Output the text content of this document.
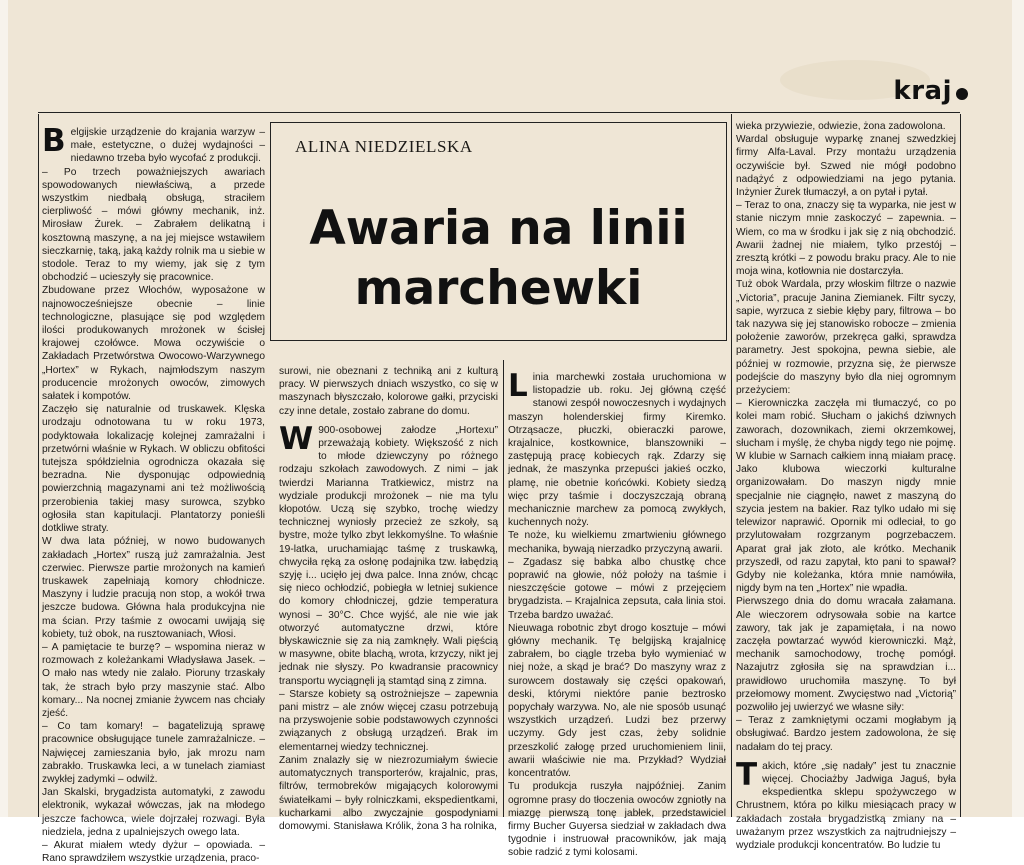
kraj
ALINA NIEDZIELSKA
Awaria na linii
marchewki

Belgijskie urządzenie do krajania warzyw – małe, estetyczne, o dużej wydajności – niedawno trzeba było wycofać z produkcji.

– Po trzech poważniejszych awariach spowodowanych niewłaściwą, a przede wszystkim niedbałą obsługą, straciłem cierpliwość – mówi główny mechanik, inż. Mirosław Żurek. – Zabrałem delikatną i kosztowną maszynę, a na jej miejsce wstawiłem sieczkarnię, taką, jaką każdy rolnik ma u siebie w stodole. Teraz to my wiemy, jak się z tym obchodzić – ucieszyły się pracownice.

Zbudowane przez Włochów, wyposażone w najnowocześniejsze obecnie – linie technologiczne, plasujące się pod względem ilości produkowanych mrożonek w ścisłej krajowej czołówce. Mowa oczywiście o Zakładach Przetwórstwa Owocowo-Warzywnego „Hortex” w Rykach, najmłodszym naszym producencie mrożonych owoców, zimowych sałatek i kompotów.

Zaczęło się naturalnie od truskawek. Klęska urodzaju odnotowana tu w roku 1973, podyktowała lokalizację kolejnej zamrażalni i przetwórni właśnie w Rykach. W obliczu obfitości tutejsza spółdzielnia ogrodnicza okazała się bezradna. Nie dysponując odpowiednią powierzchnią magazynami ani też możliwością przerobienia takiej masy surowca, szybko ogłosiła stan kapitulacji. Plantatorzy ponieśli dotkliwe straty.

W dwa lata później, w nowo budowanych zakładach „Hortex” ruszą już zamrażalnia. Jest czerwiec. Pierwsze partie mrożonych na kamień truskawek zapełniają komory chłodnicze. Maszyny i ludzie pracują non stop, a wokół trwa jeszcze budowa. Główna hala produkcyjna nie ma ścian. Przy taśmie z owocami uwijają się kobiety, tuż obok, na rusztowaniach, Włosi.

– A pamiętacie te burzę? – wspomina nieraz w rozmowach z koleżankami Władysława Jasek. – O mało nas wtedy nie zalało. Pioruny trzaskały tak, że strach było przy maszynie stać. Albo komary... Na nocnej zmianie żywcem nas chciały zjeść.

– Co tam komary! – bagatelizują sprawę pracownice obsługujące tunele zamrażalnicze. – Najwięcej zamieszania było, jak mrozu nam zabrakło. Truskawka leci, a w tunelach ziamiast zwykłej zadymki – odwilż.

Jan Skalski, brygadzista automatyki, z zawodu elektronik, wykazał wówczas, jak na młodego jeszcze fachowca, wiele dojrzałej rozwagi. Była niedziela, jedna z upalniejszych owego lata.

– Akurat miałem wtedy dyżur – opowiada. – Rano sprawdziłem wszystkie urządzenia, praco-

surowi, nie obeznani z techniką ani z kulturą pracy. W pierwszych dniach wszystko, co się w maszynach błyszczało, kolorowe gałki, przyciski czy inne detale, zostało zabrane do domu.

W 900-osobowej załodze „Hortexu” przeważają kobiety. Większość z nich to młode dziewczyny po różnego rodzaju szkołach zawodowych. Z nimi – jak twierdzi Marianna Tratkiewicz, mistrz na wydziale produkcji mrożonek – nie ma tylu kłopotów. Uczą się szybko, trochę wiedzy technicznej wyniosły przecież ze szkoły, są bystre, może tylko zbyt lekkomyślne. To właśnie 19-latka, uruchamiając taśmę z truskawką, chwyciła ręką za osłonę podajnika tzw. łabędzią szyję i... ucięło jej dwa palce. Inna znów, chcąc się nieco ochłodzić, pobiegła w letniej sukience do komory chłodniczej, gdzie temperatura wynosi – 30°C. Chce wyjść, ale nie wie jak otworzyć automatyczne drzwi, które błyskawicznie się za nią zamknęły. Wali pięścią w masywne, obite blachą, wrota, krzyczy, nikt jej jednak nie słyszy. Po kwadransie pracownicy transportu wyciągnęli ją stamtąd siną z zimna.

– Starsze kobiety są ostrożniejsze – zapewnia pani mistrz – ale znów więcej czasu potrzebują na przyswojenie sobie podstawowych czynności związanych z obsługą urządzeń. Brak im elementarnej wiedzy technicznej.

Zanim znalazły się w niezrozumiałym świecie automatycznych transporterów, krajalnic, pras, filtrów, termobreków migających kolorowymi światełkami – były rolniczkami, ekspedientkami, kucharkami albo zwyczajnie gospodyniami domowymi. Stanisława Królik, żona 3 ha rolnika,

Linia marchewki została uruchomiona w listopadzie ub. roku. Jej główną część stanowi zespół nowoczesnych i wydajnych maszyn holenderskiej firmy Kiremko. Otrząsacze, płuczki, obieraczki parowe, krajalnice, kostkownice, blanszowniki – zastępują pracę kobiecych rąk. Zdarzy się jednak, że maszynka przepuści jakieś oczko, plamę, nie obetnie końcówki. Kobiety siedzą więc przy taśmie i doczyszczają obraną mechanicznie marchew za pomocą zwykłych, kuchennych noży.

Te noże, ku wielkiemu zmartwieniu głównego mechanika, bywają nierzadko przyczyną awarii.

– Zgadasz się babka albo chustkę chce poprawić na głowie, nóż położy na taśmie i nieszczęście gotowe – mówi z przejęciem brygadzista. – Krajalnica zepsuta, cała linia stoi. Trzeba bardzo uważać.

Nieuwaga robotnic zbyt drogo kosztuje – mówi główny mechanik. Tę belgijską krajalnicę zabrałem, bo ciągle trzeba było wymieniać w niej noże, a skąd je brać? Do maszyny wraz z surowcem dostawały się części opakowań, deski, którymi niektóre panie beztrosko popychały warzywa. No, ale nie sposób usunąć wszystkich urządzeń. Ludzi bez przerwy uczymy. Gdy jest czas, żeby solidnie przeszkolić załogę przed uruchomieniem linii, awarii właściwie nie ma. Przykład? Wydział koncentratów.

Tu produkcja ruszyła najpóźniej. Zanim ogromne prasy do tłoczenia owoców zgniotły na miazgę pierwszą tonę jabłek, przedstawiciel firmy Bucher Guyersa siedział w zakładach dwa tygodnie i instruował pracowników, jak mają sobie radzić z tymi kolosami.

wieka przywiezie, odwiezie, żona zadowolona.

Wardal obsługuje wyparkę znanej szwedzkiej firmy Alfa-Laval. Przy montażu urządzenia oczywiście był. Szwed nie mógł podobno nadążyć z odpowiedziami na jego pytania. Inżynier Żurek tłumaczył, a on pytał i pytał.

– Teraz to ona, znaczy się ta wyparka, nie jest w stanie niczym mnie zaskoczyć – zapewnia. – Wiem, co ma w środku i jak się z nią obchodzić. Awarii żadnej nie miałem, tylko przestój – zresztą krótki – z powodu braku pracy. Ale to nie moja wina, kotłownia nie dostarczyła.

Tuż obok Wardala, przy włoskim filtrze o nazwie „Victoria”, pracuje Janina Ziemianek. Filtr syczy, sapie, wyrzuca z siebie kłęby pary, filtrowa – bo tak nazywa się jej stanowisko robocze – zmienia położenie zaworów, przekręca gałki, sprawdza parametry. Jest spokojna, pewna siebie, ale później w rozmowie, przyzna się, że pierwsze podejście do maszyny było dla niej ogromnym przeżyciem:

– Kierowniczka zaczęła mi tłumaczyć, co po kolei mam robić. Słucham o jakichś dziwnych zaworach, dozownikach, ziemi okrzemkowej, słucham i myślę, że chyba nigdy tego nie pojmę. W klubie w Sarnach całkiem inną miałam pracę. Jako klubowa wieczorki kulturalne organizowałam. Do maszyn nigdy mnie specjalnie nie ciągnęło, nawet z maszyną do szycia jestem na bakier. Raz tylko udało mi się telewizor naprawić. Opornik mi odleciał, to go przylutowałam rozgrzanym pogrzebaczem. Aparat grał jak złoto, ale krótko. Mechanik przyszedł, od razu zapytał, kto pani to spawał? Gdyby nie koleżanka, która mnie namówiła, nigdy bym na ten „Hortex” nie wpadła.

Pierwszego dnia do domu wracała załamana. Ale wieczorem odrysowała sobie na kartce zawory, tak jak je zapamiętała, i na nowo zaczęła powtarzać wywód kierowniczki. Mąż, mechanik samochodowy, trochę pomógł. Nazajutrz zgłosiła się na sprawdzian i... prawidłowo uruchomiła maszynę. To był przełomowy moment. Zwycięstwo nad „Victorią” pozwoliło jej uwierzyć we własne siły:

– Teraz z zamkniętymi oczami mogłabym ją obsługiwać. Bardzo jestem zadowolona, że się nadałam do tej pracy.

Takich, które „się nadały” jest tu znacznie więcej. Chociażby Jadwiga Jaguś, była ekspedientka sklepu spożywczego w Chrustnem, która po kilku miesiącach pracy w zakładach została brygadzistką zmiany na – uważanym przez wszystkich za najtrudniejszy – wydziale produkcji koncentratów. Bo ludzie tu
